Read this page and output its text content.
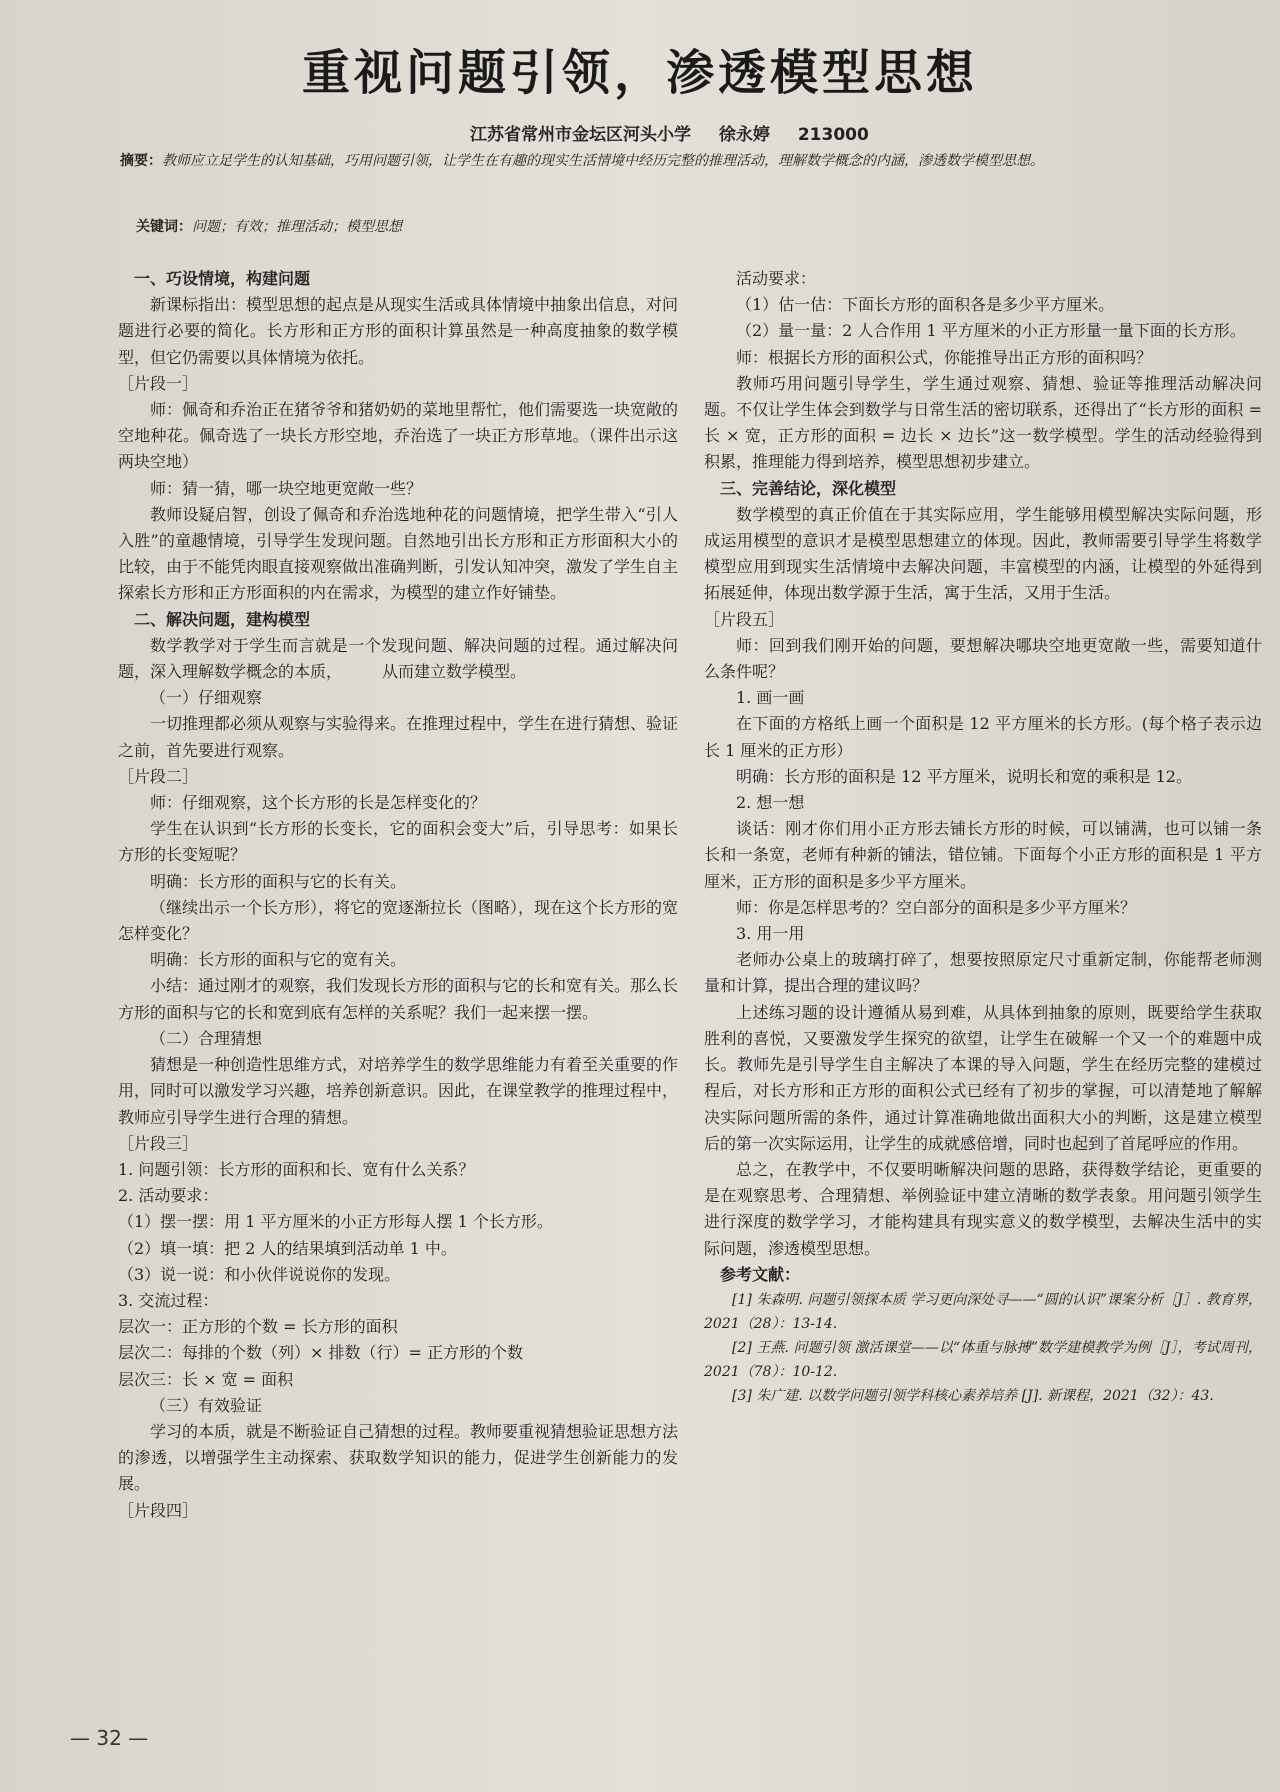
重视问题引领，渗透模型思想
江苏省常州市金坛区河头小学 徐永婷 213000
摘要：教师应立足学生的认知基础，巧用问题引领，让学生在有趣的现实生活情境中经历完整的推理活动，理解数学概念的内涵，渗透数学模型思想。
关键词：问题；有效；推理活动；模型思想
一、巧设情境，构建问题

新课标指出：模型思想的起点是从现实生活或具体情境中抽象出信息，对问题进行必要的简化。长方形和正方形的面积计算虽然是一种高度抽象的数学模型，但它仍需要以具体情境为依托。

［片段一］

师：佩奇和乔治正在猪爷爷和猪奶奶的菜地里帮忙，他们需要选一块宽敞的空地种花。佩奇选了一块长方形空地，乔治选了一块正方形草地。（课件出示这两块空地）

师：猜一猜，哪一块空地更宽敞一些？

教师设疑启智，创设了佩奇和乔治选地种花的问题情境，把学生带入“引人入胜”的童趣情境，引导学生发现问题。自然地引出长方形和正方形面积大小的比较，由于不能凭肉眼直接观察做出准确判断，引发认知冲突，激发了学生自主探索长方形和正方形面积的内在需求，为模型的建立作好铺垫。

二、解决问题，建构模型

数学教学对于学生而言就是一个发现问题、解决问题的过程。通过解决问题，深入理解数学概念的本质，　　　从而建立数学模型。

（一）仔细观察

一切推理都必须从观察与实验得来。在推理过程中，学生在进行猜想、验证之前，首先要进行观察。

［片段二］

师：仔细观察，这个长方形的长是怎样变化的？

学生在认识到“长方形的长变长，它的面积会变大”后，引导思考：如果长方形的长变短呢？

明确：长方形的面积与它的长有关。

（继续出示一个长方形），将它的宽逐渐拉长（图略），现在这个长方形的宽怎样变化？

明确：长方形的面积与它的宽有关。

小结：通过刚才的观察，我们发现长方形的面积与它的长和宽有关。那么长方形的面积与它的长和宽到底有怎样的关系呢？我们一起来摆一摆。

（二）合理猜想

猜想是一种创造性思维方式，对培养学生的数学思维能力有着至关重要的作用，同时可以激发学习兴趣，培养创新意识。因此，在课堂教学的推理过程中，教师应引导学生进行合理的猜想。

［片段三］

1. 问题引领：长方形的面积和长、宽有什么关系？

2. 活动要求：

（1）摆一摆：用 1 平方厘米的小正方形每人摆 1 个长方形。

（2）填一填：把 2 人的结果填到活动单 1 中。

（3）说一说：和小伙伴说说你的发现。

3. 交流过程：

层次一：正方形的个数 = 长方形的面积

层次二：每排的个数（列）× 排数（行）= 正方形的个数

层次三：长 × 宽 = 面积

（三）有效验证

学习的本质，就是不断验证自己猜想的过程。教师要重视猜想验证思想方法的渗透，以增强学生主动探索、获取数学知识的能力，促进学生创新能力的发展。

［片段四］

活动要求：

（1）估一估：下面长方形的面积各是多少平方厘米。

（2）量一量：2 人合作用 1 平方厘米的小正方形量一量下面的长方形。

师：根据长方形的面积公式，你能推导出正方形的面积吗？

教师巧用问题引导学生，学生通过观察、猜想、验证等推理活动解决问题。不仅让学生体会到数学与日常生活的密切联系，还得出了“长方形的面积 = 长 × 宽，正方形的面积 = 边长 × 边长”这一数学模型。学生的活动经验得到积累，推理能力得到培养，模型思想初步建立。

三、完善结论，深化模型

数学模型的真正价值在于其实际应用，学生能够用模型解决实际问题，形成运用模型的意识才是模型思想建立的体现。因此，教师需要引导学生将数学模型应用到现实生活情境中去解决问题，丰富模型的内涵，让模型的外延得到拓展延伸，体现出数学源于生活，寓于生活，又用于生活。

［片段五］

师：回到我们刚开始的问题，要想解决哪块空地更宽敞一些，需要知道什么条件呢？

1. 画一画

在下面的方格纸上画一个面积是 12 平方厘米的长方形。(每个格子表示边长 1 厘米的正方形）

明确：长方形的面积是 12 平方厘米，说明长和宽的乘积是 12。

2. 想一想

谈话：刚才你们用小正方形去铺长方形的时候，可以铺满，也可以铺一条长和一条宽，老师有种新的铺法，错位铺。下面每个小正方形的面积是 1 平方厘米，正方形的面积是多少平方厘米。

师：你是怎样思考的？空白部分的面积是多少平方厘米？

3. 用一用

老师办公桌上的玻璃打碎了，想要按照原定尺寸重新定制，你能帮老师测量和计算，提出合理的建议吗？

上述练习题的设计遵循从易到难，从具体到抽象的原则，既要给学生获取胜利的喜悦，又要激发学生探究的欲望，让学生在破解一个又一个的难题中成长。教师先是引导学生自主解决了本课的导入问题，学生在经历完整的建模过程后，对长方形和正方形的面积公式已经有了初步的掌握，可以清楚地了解解决实际问题所需的条件，通过计算准确地做出面积大小的判断，这是建立模型后的第一次实际运用，让学生的成就感倍增，同时也起到了首尾呼应的作用。

总之，在教学中，不仅要明晰解决问题的思路，获得数学结论，更重要的是在观察思考、合理猜想、举例验证中建立清晰的数学表象。用问题引领学生进行深度的数学学习，才能构建具有现实意义的数学模型，去解决生活中的实际问题，渗透模型思想。

参考文献：

[1] 朱森明. 问题引领探本质 学习更向深处寻——“圆的认识”课案分析［J］. 教育界，2021（28）：13-14.

[2] 王燕. 问题引领 激活课堂——以“体重与脉搏”数学建模教学为例［J］，考试周刊，2021（78）：10-12.

[3] 朱广建. 以数学问题引领学科核心素养培养 [J]. 新课程，2021（32）：43.

— 32 —
